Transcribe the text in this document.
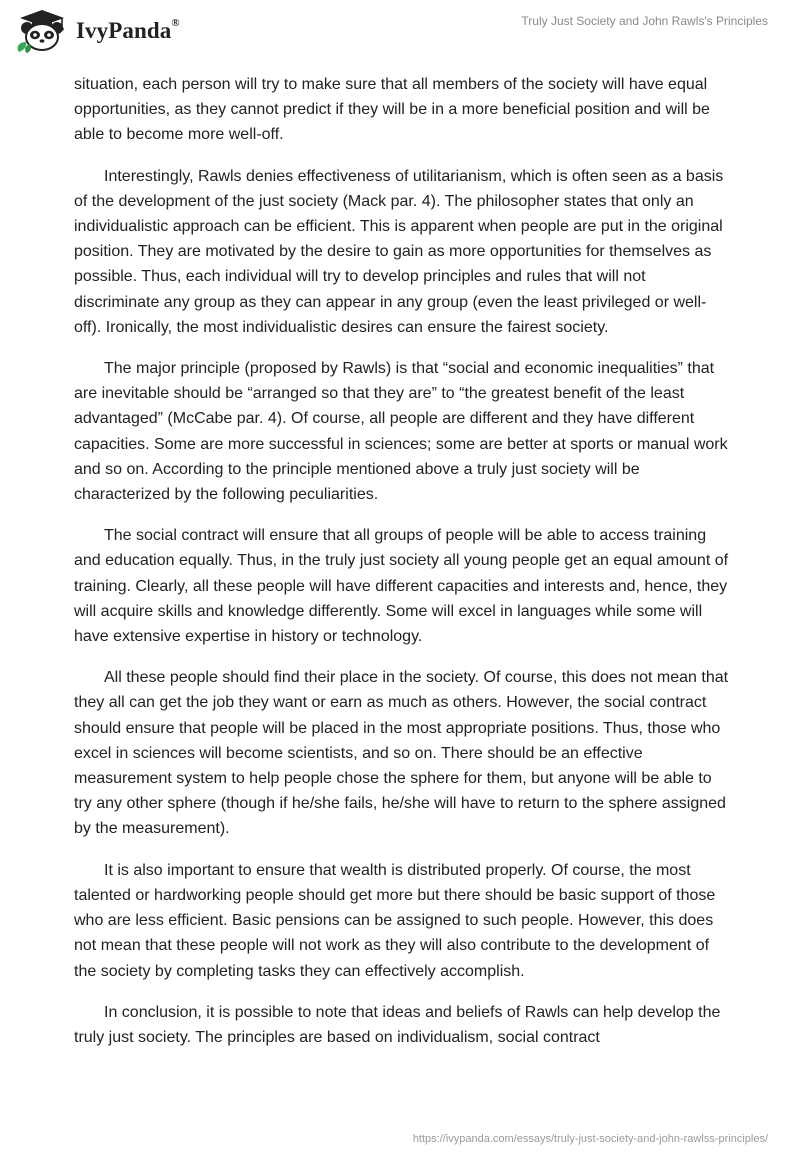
IvyPanda®	Truly Just Society and John Rawls's Principles

situation, each person will try to make sure that all members of the society will have equal opportunities, as they cannot predict if they will be in a more beneficial position and will be able to become more well-off.

Interestingly, Rawls denies effectiveness of utilitarianism, which is often seen as a basis of the development of the just society (Mack par. 4). The philosopher states that only an individualistic approach can be efficient. This is apparent when people are put in the original position. They are motivated by the desire to gain as more opportunities for themselves as possible. Thus, each individual will try to develop principles and rules that will not discriminate any group as they can appear in any group (even the least privileged or well-off). Ironically, the most individualistic desires can ensure the fairest society.

The major principle (proposed by Rawls) is that “social and economic inequalities” that are inevitable should be “arranged so that they are” to “the greatest benefit of the least advantaged” (McCabe par. 4). Of course, all people are different and they have different capacities. Some are more successful in sciences; some are better at sports or manual work and so on. According to the principle mentioned above a truly just society will be characterized by the following peculiarities.

The social contract will ensure that all groups of people will be able to access training and education equally. Thus, in the truly just society all young people get an equal amount of training. Clearly, all these people will have different capacities and interests and, hence, they will acquire skills and knowledge differently. Some will excel in languages while some will have extensive expertise in history or technology.

All these people should find their place in the society. Of course, this does not mean that they all can get the job they want or earn as much as others. However, the social contract should ensure that people will be placed in the most appropriate positions. Thus, those who excel in sciences will become scientists, and so on. There should be an effective measurement system to help people chose the sphere for them, but anyone will be able to try any other sphere (though if he/she fails, he/she will have to return to the sphere assigned by the measurement).

It is also important to ensure that wealth is distributed properly. Of course, the most talented or hardworking people should get more but there should be basic support of those who are less efficient. Basic pensions can be assigned to such people. However, this does not mean that these people will not work as they will also contribute to the development of the society by completing tasks they can effectively accomplish.

In conclusion, it is possible to note that ideas and beliefs of Rawls can help develop the truly just society. The principles are based on individualism, social contract

https://ivypanda.com/essays/truly-just-society-and-john-rawlss-principles/
